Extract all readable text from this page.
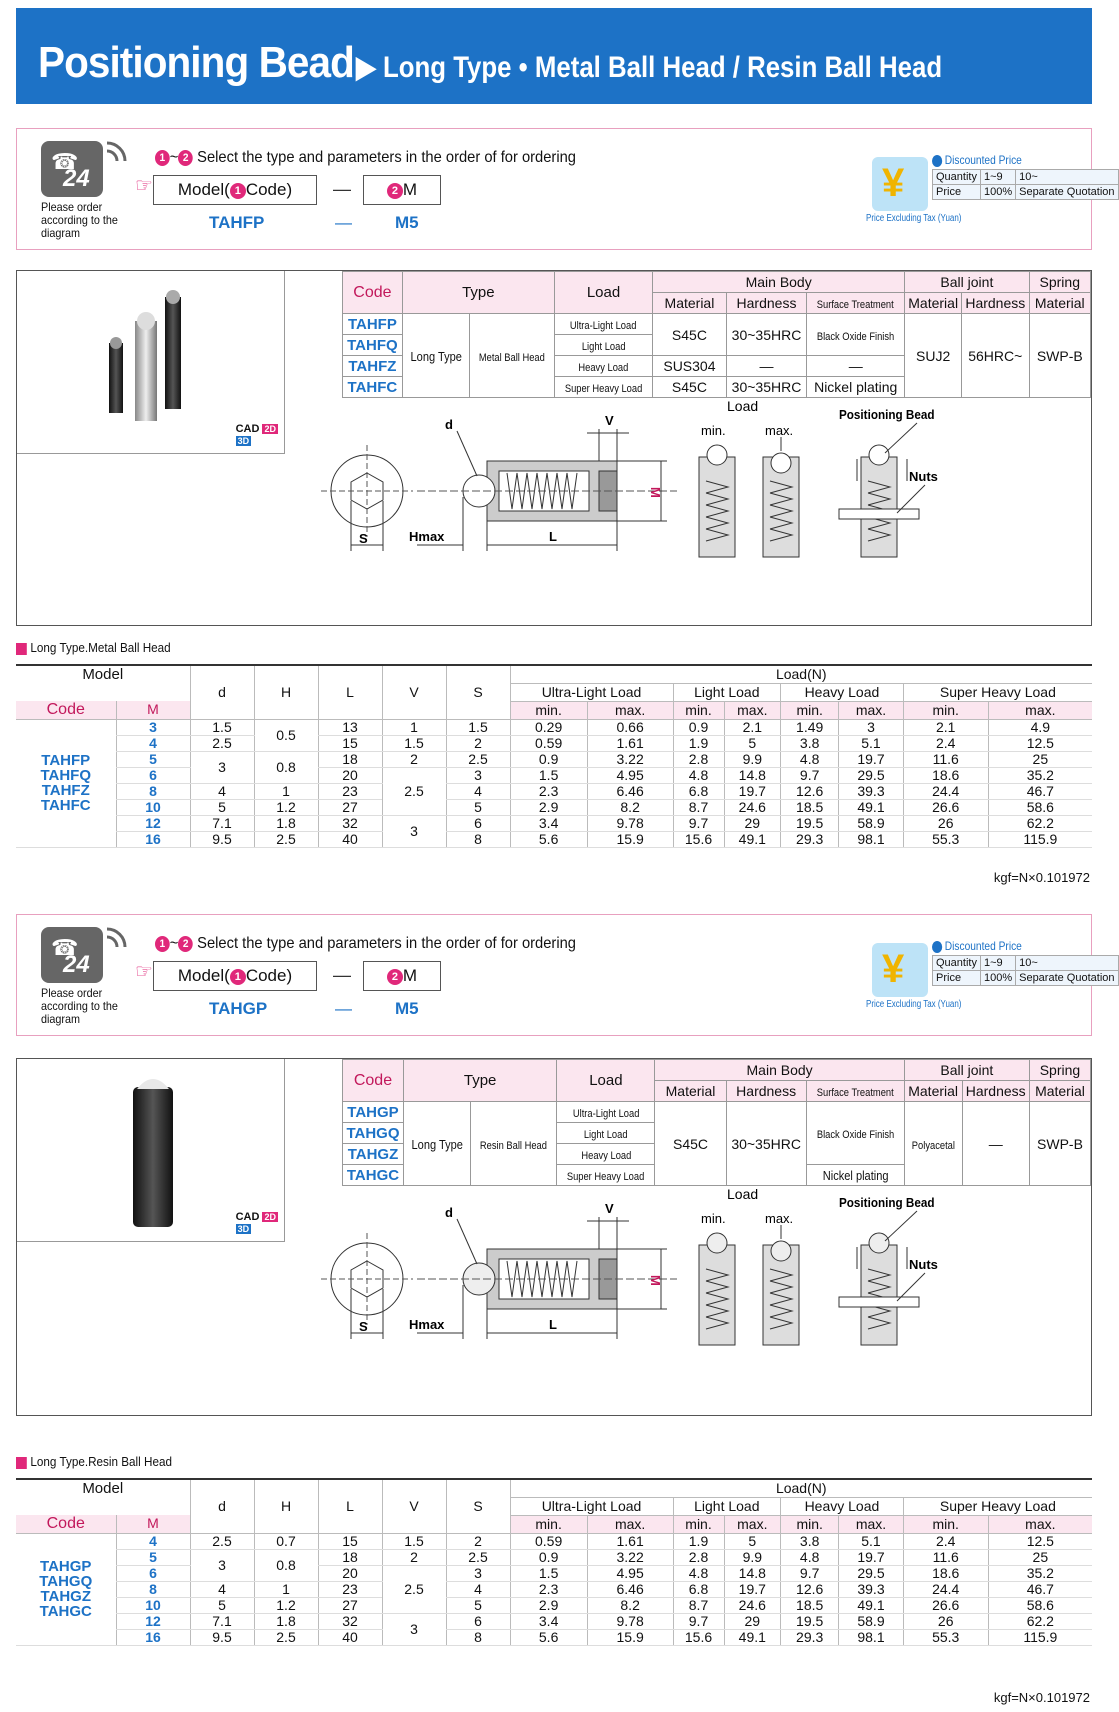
Positioning Bead ▶ Long Type • Metal Ball Head / Resin Ball Head
☎
24
Please order according to the diagram
☞
1 ~ 2 Select the type and parameters in the order of for ordering
Model( 1 Code)	—	2 M
TAHFP	—	M5
¥
Discounted Price
Quantity	1~9	10~
Price	100%	Separate Quotation
Price Excluding Tax (Yuan)
☎
24
Please order according to the diagram
☞
1 ~ 2 Select the type and parameters in the order of for ordering
Model( 1 Code)	—	2 M
TAHGP	—	M5
¥
Discounted Price
Quantity	1~9	10~
Price	100%	Separate Quotation
Price Excluding Tax (Yuan)
CAD 2D
3D
Code	Type		Load	Main Body			Ball joint		Spring
				Material	Hardness	Surface Treatment	Material	Hardness	Material
TAHFP	Long Type	Metal Ball Head	Ultra-Light Load	S45C	30~35HRC	Black Oxide Finish	SUJ2	56HRC~	SWP-B
TAHFQ			Light Load						
TAHFZ			Heavy Load	SUS304	—	—			
TAHFC			Super Heavy Load	S45C	30~35HRC	Nickel plating			
S
d
Hmax	L
V
M
Load
min.	max.
Positioning Bead
Nuts
CAD 2D
3D
Code	Type		Load	Main Body			Ball joint		Spring
				Material	Hardness	Surface Treatment	Material	Hardness	Material
TAHGP	Long Type	Resin Ball Head	Ultra-Light Load	S45C	30~35HRC	Black Oxide Finish	Polyacetal	—	SWP-B
TAHGQ			Light Load						
TAHGZ			Heavy Load						
TAHGC			Super Heavy Load			Nickel plating			
S
d
Hmax	L
V
M
Load
min.	max.
Positioning Bead
Nuts
Long Type.Metal Ball Head
Long Type.Resin Ball Head
Model		d	H	L	V	S	Load(N)							
							Ultra-Light Load		Light Load		Heavy Load		Super Heavy Load	
Code	M						min.	max.	min.	max.	min.	max.	min.	max.
TAHFP
TAHFQ
TAHFZ
TAHFC	3	1.5	0.5	13	1	1.5	0.29	0.66	0.9	2.1	1.49	3	2.1	4.9
	4	2.5		15	1.5	2	0.59	1.61	1.9	5	3.8	5.1	2.4	12.5
	5	3	0.8	18	2	2.5	0.9	3.22	2.8	9.9	4.8	19.7	11.6	25
	6			20	2.5	3	1.5	4.95	4.8	14.8	9.7	29.5	18.6	35.2
	8	4	1	23		4	2.3	6.46	6.8	19.7	12.6	39.3	24.4	46.7
	10	5	1.2	27		5	2.9	8.2	8.7	24.6	18.5	49.1	26.6	58.6
	12	7.1	1.8	32	3	6	3.4	9.78	9.7	29	19.5	58.9	26	62.2
	16	9.5	2.5	40		8	5.6	15.9	15.6	49.1	29.3	98.1	55.3	115.9
kgf=N×0.101972
Model		d	H	L	V	S	Load(N)							
							Ultra-Light Load		Light Load		Heavy Load		Super Heavy Load	
Code	M						min.	max.	min.	max.	min.	max.	min.	max.
TAHGP
TAHGQ
TAHGZ
TAHGC	4	2.5	0.7	15	1.5	2	0.59	1.61	1.9	5	3.8	5.1	2.4	12.5
	5	3	0.8	18	2	2.5	0.9	3.22	2.8	9.9	4.8	19.7	11.6	25
	6			20	2.5	3	1.5	4.95	4.8	14.8	9.7	29.5	18.6	35.2
	8	4	1	23		4	2.3	6.46	6.8	19.7	12.6	39.3	24.4	46.7
	10	5	1.2	27		5	2.9	8.2	8.7	24.6	18.5	49.1	26.6	58.6
	12	7.1	1.8	32	3	6	3.4	9.78	9.7	29	19.5	58.9	26	62.2
	16	9.5	2.5	40		8	5.6	15.9	15.6	49.1	29.3	98.1	55.3	115.9
kgf=N×0.101972
